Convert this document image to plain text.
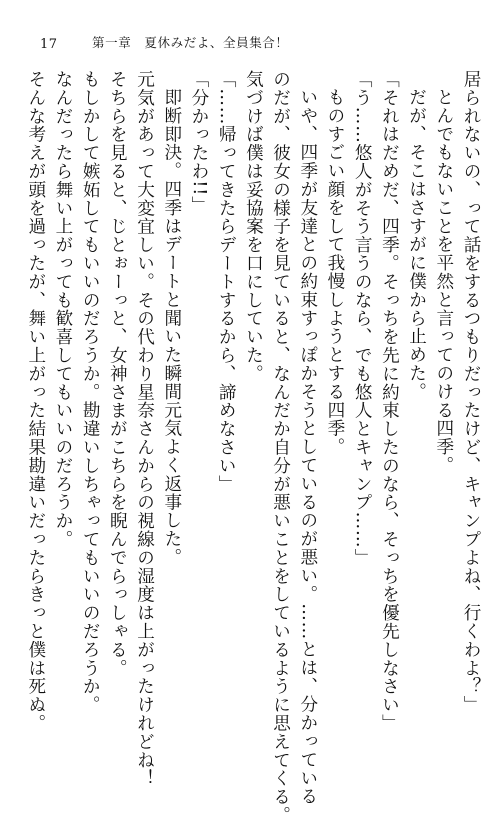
17	第一章　夏休みだよ、全員集合！
居られないの、って話をするつもりだったけど、キャンプよね、行くわよ？」
とんでもないことを平然と言ってのける四季。
だが、そこはさすがに僕から止めた。
「それはだめだ、四季。そっちを先に約束したのなら、そっちを優先しなさい」
「う……悠人がそう言うのなら、でも悠人とキャンプ……」
ものすごい顔をして我慢しようとする四季。
いや、四季が友達との約束すっぽかそうとしているのが悪い。……とは、分かっている
のだが、彼女の様子を見ていると、なんだか自分が悪いことをしているように思えてくる。
気づけば僕は妥協案を口にしていた。
「……帰ってきたらデートするから、諦めなさい」
「分かったわ!!」
即断即決。四季はデートと聞いた瞬間元気よく返事した。
元気があって大変宜しい。その代わり星奈さんからの視線の湿度は上がったけれどね！
そちらを見ると、じとぉーっと、女神さまがこちらを睨んでらっしゃる。
もしかして嫉妬してもいいのだろうか。勘違いしちゃってもいいのだろうか。
なんだったら舞い上がっても歓喜してもいいのだろうか。
そんな考えが頭を過ったが、舞い上がった結果勘違いだったらきっと僕は死ぬ。
